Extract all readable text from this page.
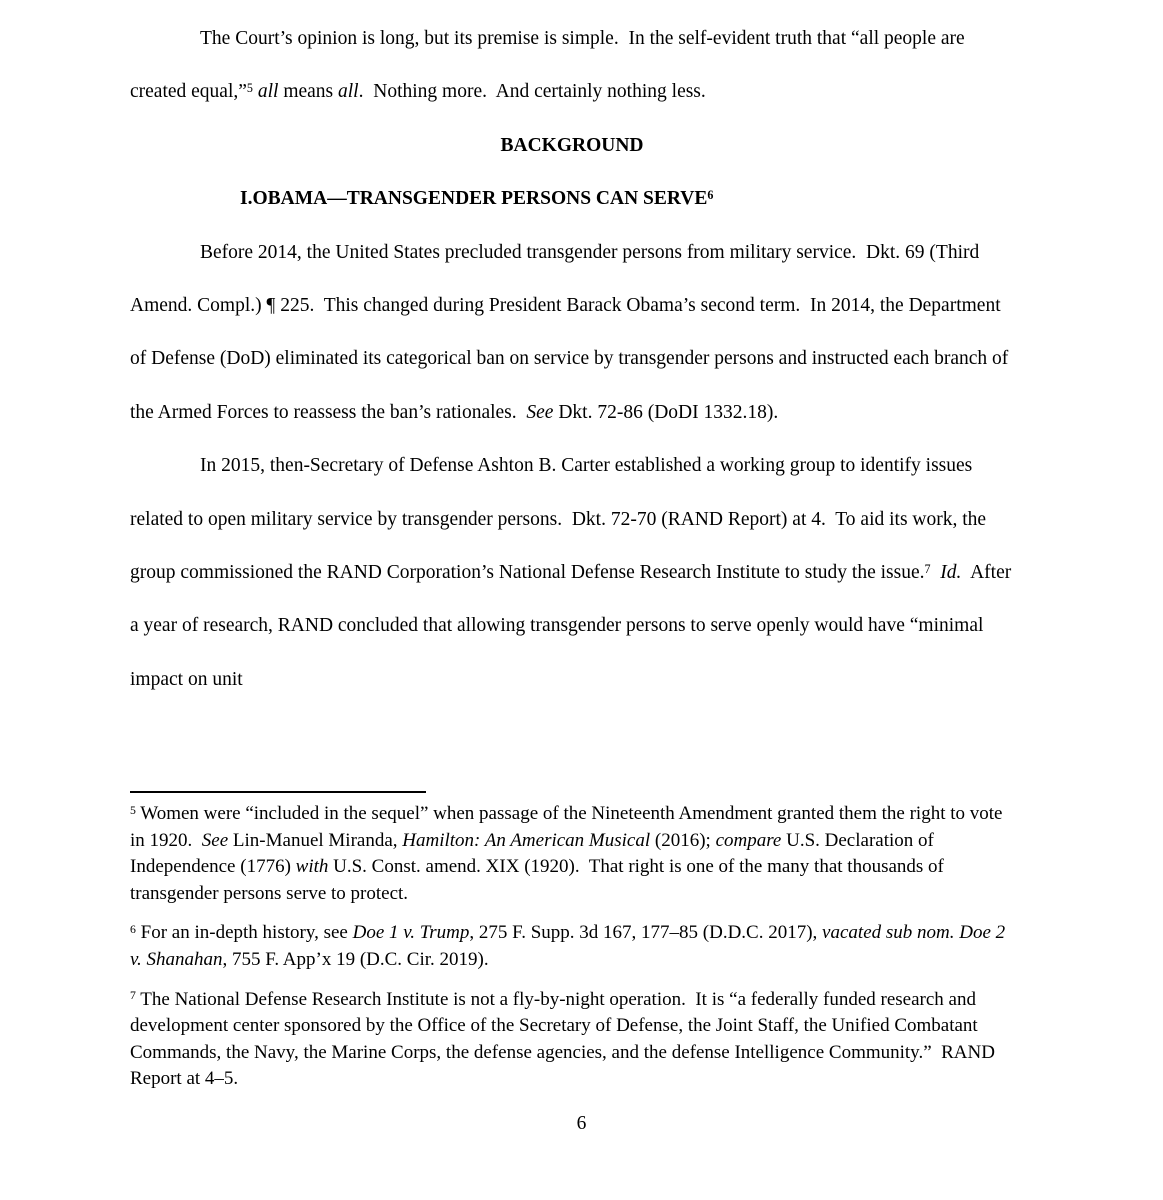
The Court’s opinion is long, but its premise is simple.  In the self-evident truth that “all people are created equal,”$^5$ all means all.  Nothing more.  And certainly nothing less.

BACKGROUND

I.OBAMA—TRANSGENDER PERSONS CAN SERVE$^6$

Before 2014, the United States precluded transgender persons from military service.  Dkt. 69 (Third Amend. Compl.) ¶ 225.  This changed during President Barack Obama’s second term.  In 2014, the Department of Defense (DoD) eliminated its categorical ban on service by transgender persons and instructed each branch of the Armed Forces to reassess the ban’s rationales.  See Dkt. 72-86 (DoDI 1332.18).

In 2015, then-Secretary of Defense Ashton B. Carter established a working group to identify issues related to open military service by transgender persons.  Dkt. 72-70 (RAND Report) at 4.  To aid its work, the group commissioned the RAND Corporation’s National Defense Research Institute to study the issue.$^7$ Id.  After a year of research, RAND concluded that allowing transgender persons to serve openly would have “minimal impact on unit

$^5$ Women were “included in the sequel” when passage of the Nineteenth Amendment granted them the right to vote in 1920.  See Lin-Manuel Miranda, Hamilton: An American Musical (2016); compare U.S. Declaration of Independence (1776) with U.S. Const. amend. XIX (1920).  That right is one of the many that thousands of transgender persons serve to protect.

$^6$ For an in-depth history, see Doe 1 v. Trump, 275 F. Supp. 3d 167, 177–85 (D.D.C. 2017), vacated sub nom. Doe 2 v. Shanahan, 755 F. App’x 19 (D.C. Cir. 2019).

$^7$ The National Defense Research Institute is not a fly-by-night operation.  It is “a federally funded research and development center sponsored by the Office of the Secretary of Defense, the Joint Staff, the Unified Combatant Commands, the Navy, the Marine Corps, the defense agencies, and the defense Intelligence Community.”  RAND Report at 4–5.

6
